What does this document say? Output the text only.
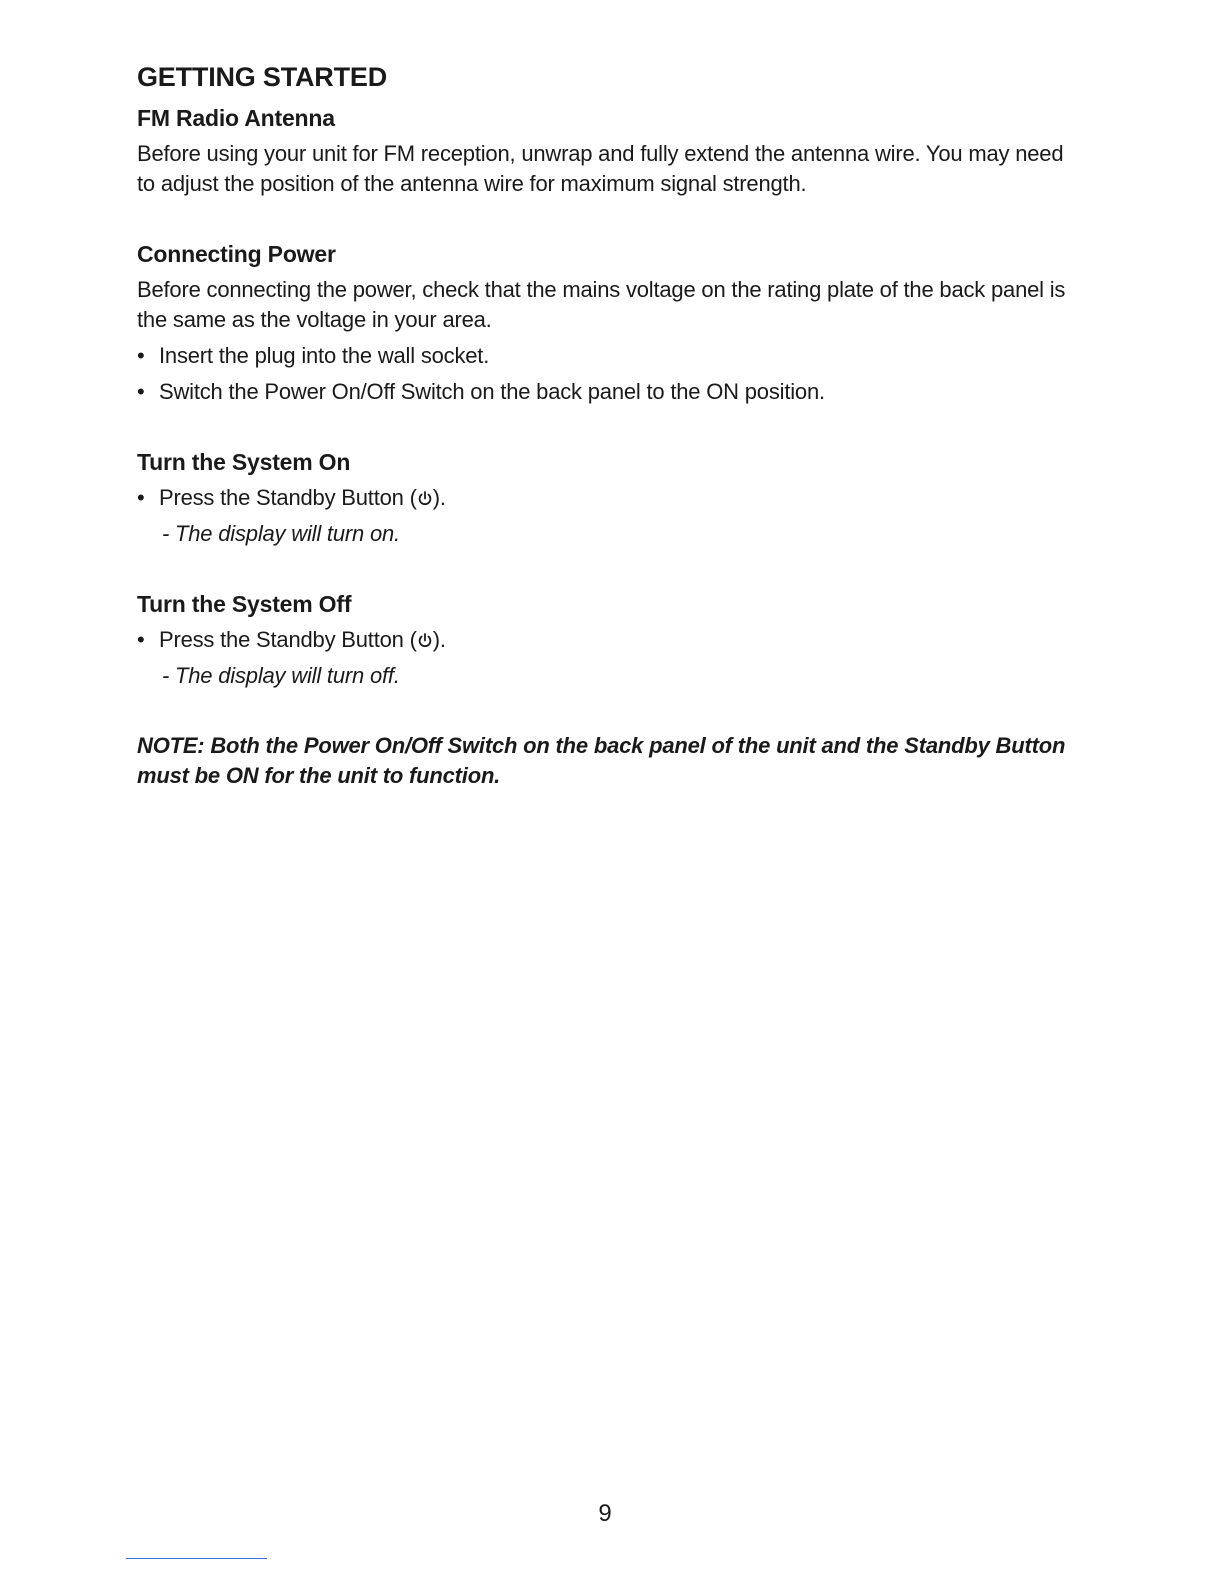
GETTING STARTED
FM Radio Antenna

Before using your unit for FM reception, unwrap and fully extend the antenna wire. You may need to adjust the position of the antenna wire for maximum signal strength.

Connecting Power

Before connecting the power, check that the mains voltage on the rating plate of the back panel is the same as the voltage in your area.

• Insert the plug into the wall socket.
• Switch the Power On/Off Switch on the back panel to the ON position.
Turn the System On
• Press the Standby Button ( ).
- The display will turn on.
Turn the System Off
• Press the Standby Button ( ).
- The display will turn off.

NOTE: Both the Power On/Off Switch on the back panel of the unit and the Standby Button must be ON for the unit to function.

9
